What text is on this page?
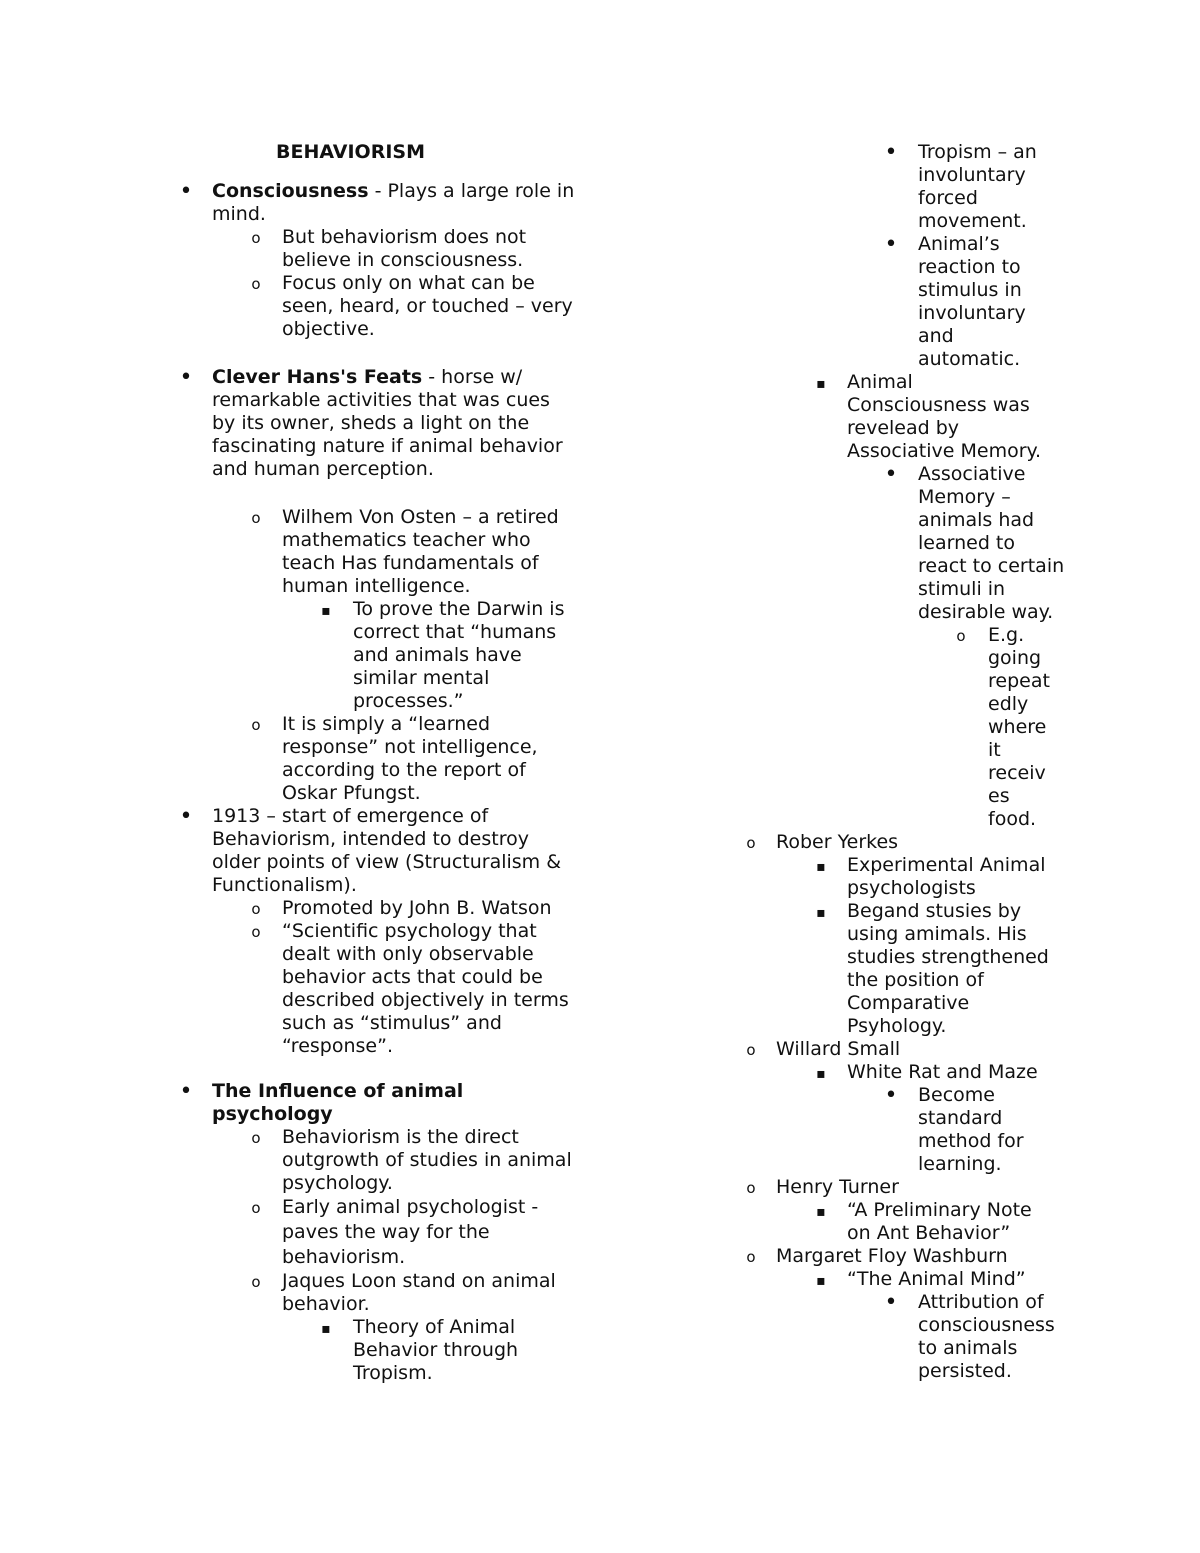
BEHAVIORISM
•
Consciousness - Plays a large role in mind.
o
But behaviorism does not believe in consciousness.
o
Focus only on what can be seen, heard, or touched – very objective.
•
Clever Hans's Feats - horse w/ remarkable activities that was cues by its owner, sheds a light on the fascinating nature if animal behavior and human perception.
o
Wilhem Von Osten – a retired mathematics teacher who teach Has fundamentals of human intelligence.
▪
To prove the Darwin is correct that “humans and animals have similar mental processes.”
o
It is simply a “learned response” not intelligence, according to the report of Oskar Pfungst.
•
1913 – start of emergence of Behaviorism, intended to destroy older points of view (Structuralism & Functionalism).
o
Promoted by John B. Watson
o
“Scientific psychology that dealt with only observable behavior acts that could be described objectively in terms such as “stimulus” and “response”.
•
The Influence of animal psychology
o
Behaviorism is the direct outgrowth of studies in animal psychology.
o
Early animal psychologist - paves the way for the behaviorism.
o
Jaques Loon stand on animal behavior.
▪
Theory of Animal Behavior through Tropism.
•
Tropism – an involuntary forced movement.
•
Animal’s reaction to stimulus in involuntary and automatic.
▪
Animal Consciousness was revelead by Associative Memory.
•
Associative Memory – animals had learned to react to certain stimuli in desirable way.
o
E.g. going repeat edly where it receiv es food.
o
Rober Yerkes
▪
Experimental Animal psychologists
▪
Begand stusies by using amimals. His studies strengthened the position of Comparative Psyhology.
o
Willard Small
▪
White Rat and Maze
•
Become standard method for learning.
o
Henry Turner
▪
“A Preliminary Note on Ant Behavior”
o
Margaret Floy Washburn
▪
“The Animal Mind”
•
Attribution of consciousness to animals persisted.
